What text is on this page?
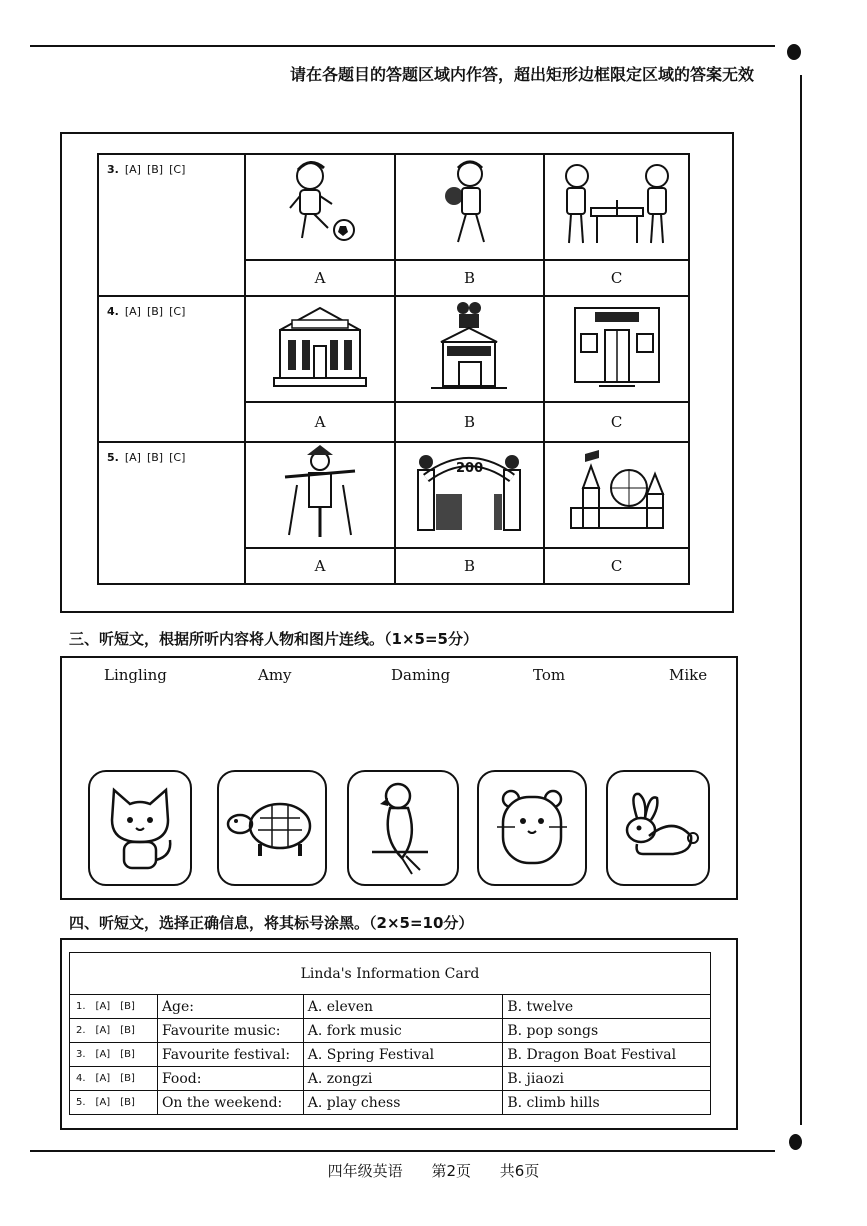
请在各题目的答题区域内作答，超出矩形边框限定区域的答案无效
3. [A] [B] [C]

	A	B	C

4. [A] [B] [C]

	A	B	C

5. [A] [B] [C]		200

	A	B	C
三、听短文，根据所听内容将人物和图片连线。（1×5=5分）
Lingling	Amy	Daming	Tom	Mike
四、听短文，选择正确信息，将其标号涂黑。（2×5=10分）
Linda's Information Card			
1. [A] [B]	Age:	A. eleven	B. twelve
2. [A] [B]	Favourite music:	A. fork music	B. pop songs
3. [A] [B]	Favourite festival:	A. Spring Festival	B. Dragon Boat Festival
4. [A] [B]	Food:	A. zongzi	B. jiaozi
5. [A] [B]	On the weekend:	A. play chess	B. climb hills
四年级英语 第2页 共6页
